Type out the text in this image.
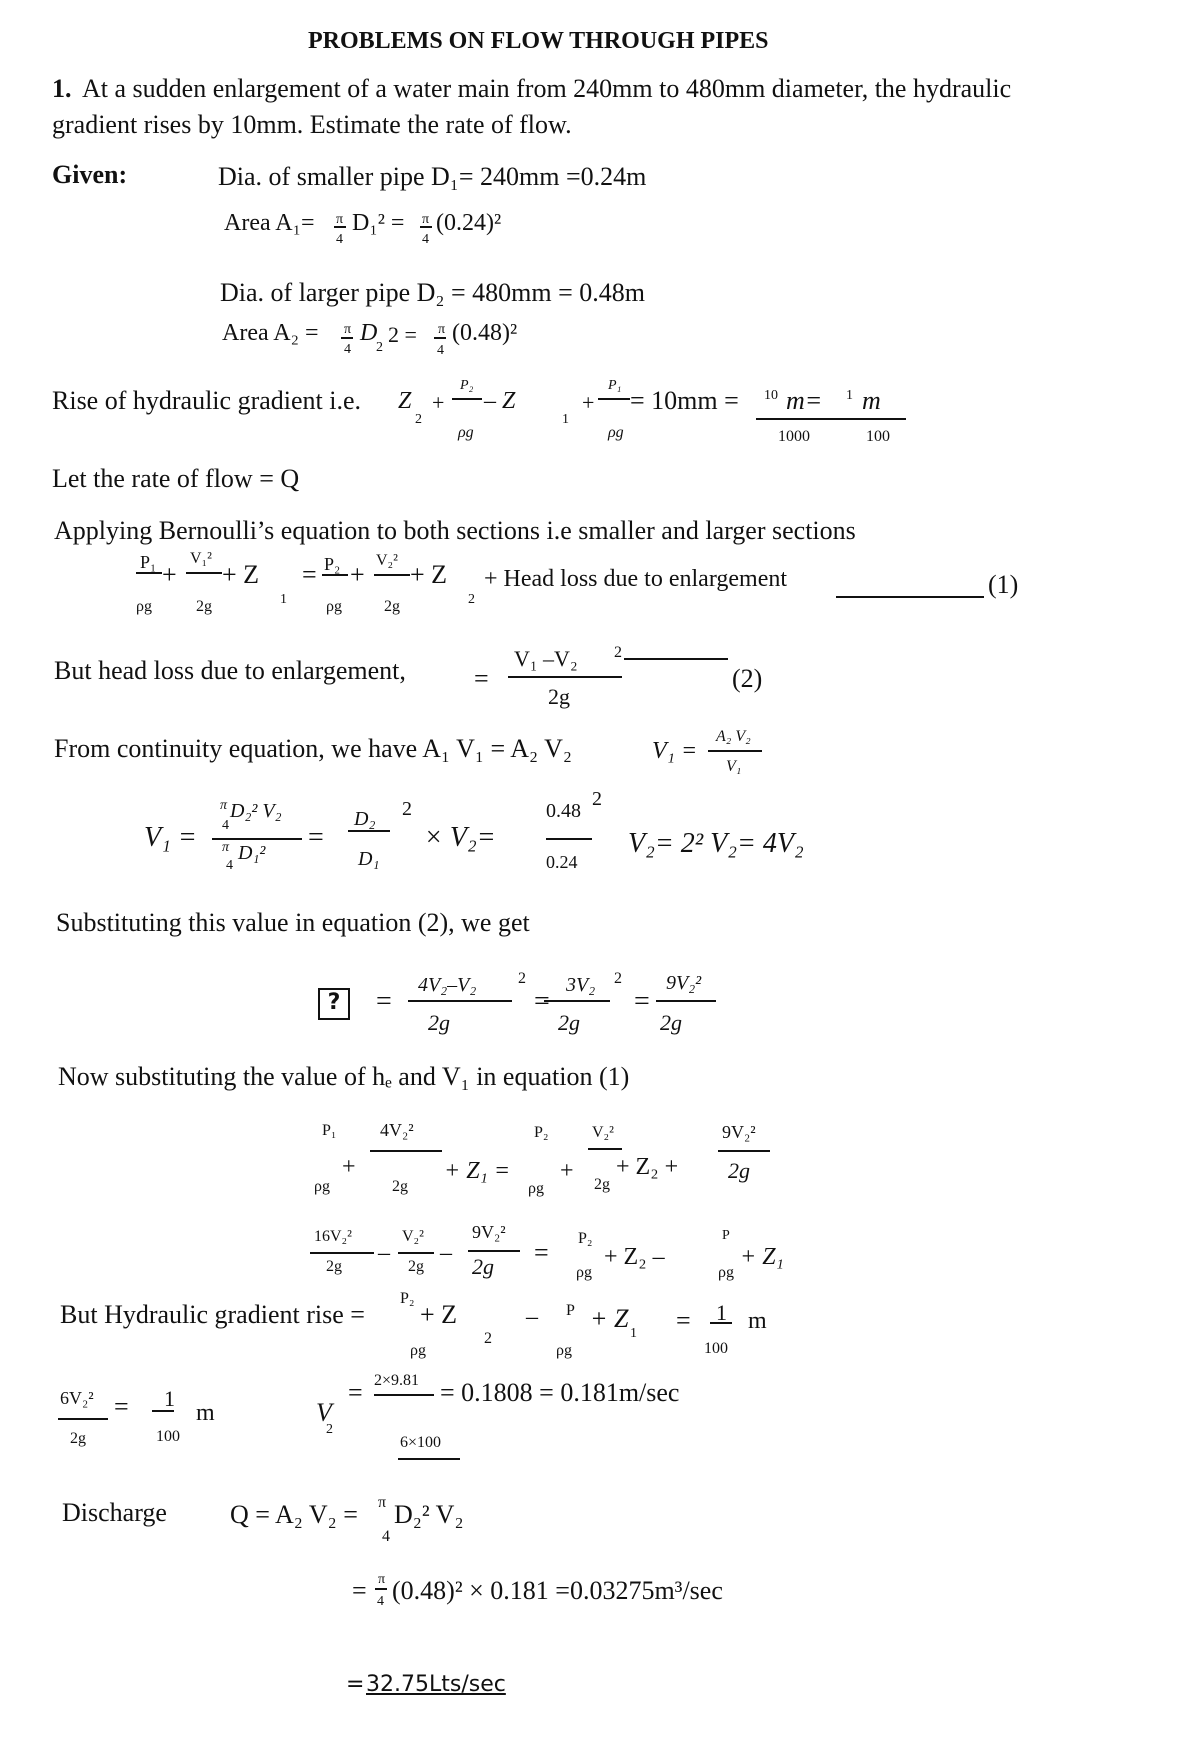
PROBLEMS ON FLOW THROUGH PIPES
1. At a sudden enlargement of a water main from 240mm to 480mm diameter, the hydraulic
gradient rises by 10mm. Estimate the rate of flow.
Given:	Dia. of smaller pipe D₁= 240mm =0.24m
Area A₁= π
4
D₁² = π
4
(0.24)²
Dia. of larger pipe D₂ = 480mm = 0.48m
Area A₂ = π
4
D
2
2 = π
4
(0.48)²
Rise of hydraulic gradient i.e. Z
2
+
P₂
ρg
– Z
1
+
P₁
ρg
= 10mm = 10 m= 1 m
1000	100
Let the rate of flow = Q
Applying Bernoulli’s equation to both sections i.e smaller and larger sections
P₁
ρg
+
V₁²
2g
+ Z
1
= P₂
ρg
+ V₂²
2g
+ Z
2
+ Head loss due to enlargement	(1)
But head loss due to enlargement,	=
V₁ –V₂ 2
2g
(2)
From continuity equation, we have A₁ V₁ = A₂ V₂	V₁ =
A₂ V₂
V₁
V₁ =
π D₂² V₂
4
π D₁²
4
=
D₂
D₁
2
× V₂=
0.48
2
0.24
V₂= 2² V₂= 4V₂
Substituting this value in equation (2), we get
?	=
4V₂–V₂	2
2g
=
3V₂ 2
2g
=
9V₂²
2g
Now substituting the value of hₑ and V₁ in equation (1)
P₁
ρg
+
4V₂²
2g
+ Z₁ =
P₂
ρg
+
V₂²
2g
+ Z₂ +
9V₂²
2g
16V₂²
2g
–
V₂²
2g
–
9V₂²
2g = P₂
ρg
+ Z₂ –
P
ρg
+ Z₁
But Hydraulic gradient rise =
P₂
+ Z
ρg
2
– P
ρg
+ Z
1 = 1 m
100
6V₂²
2g
= 1
m
100
V
2
= 2×9.81 = 0.1808 = 0.181m/sec
6×100
Discharge Q = A₂ V₂ = π D₂² V₂
4
= π
4 (0.48)² × 0.181 =0.03275m³/sec
= 32.75Lts/sec
